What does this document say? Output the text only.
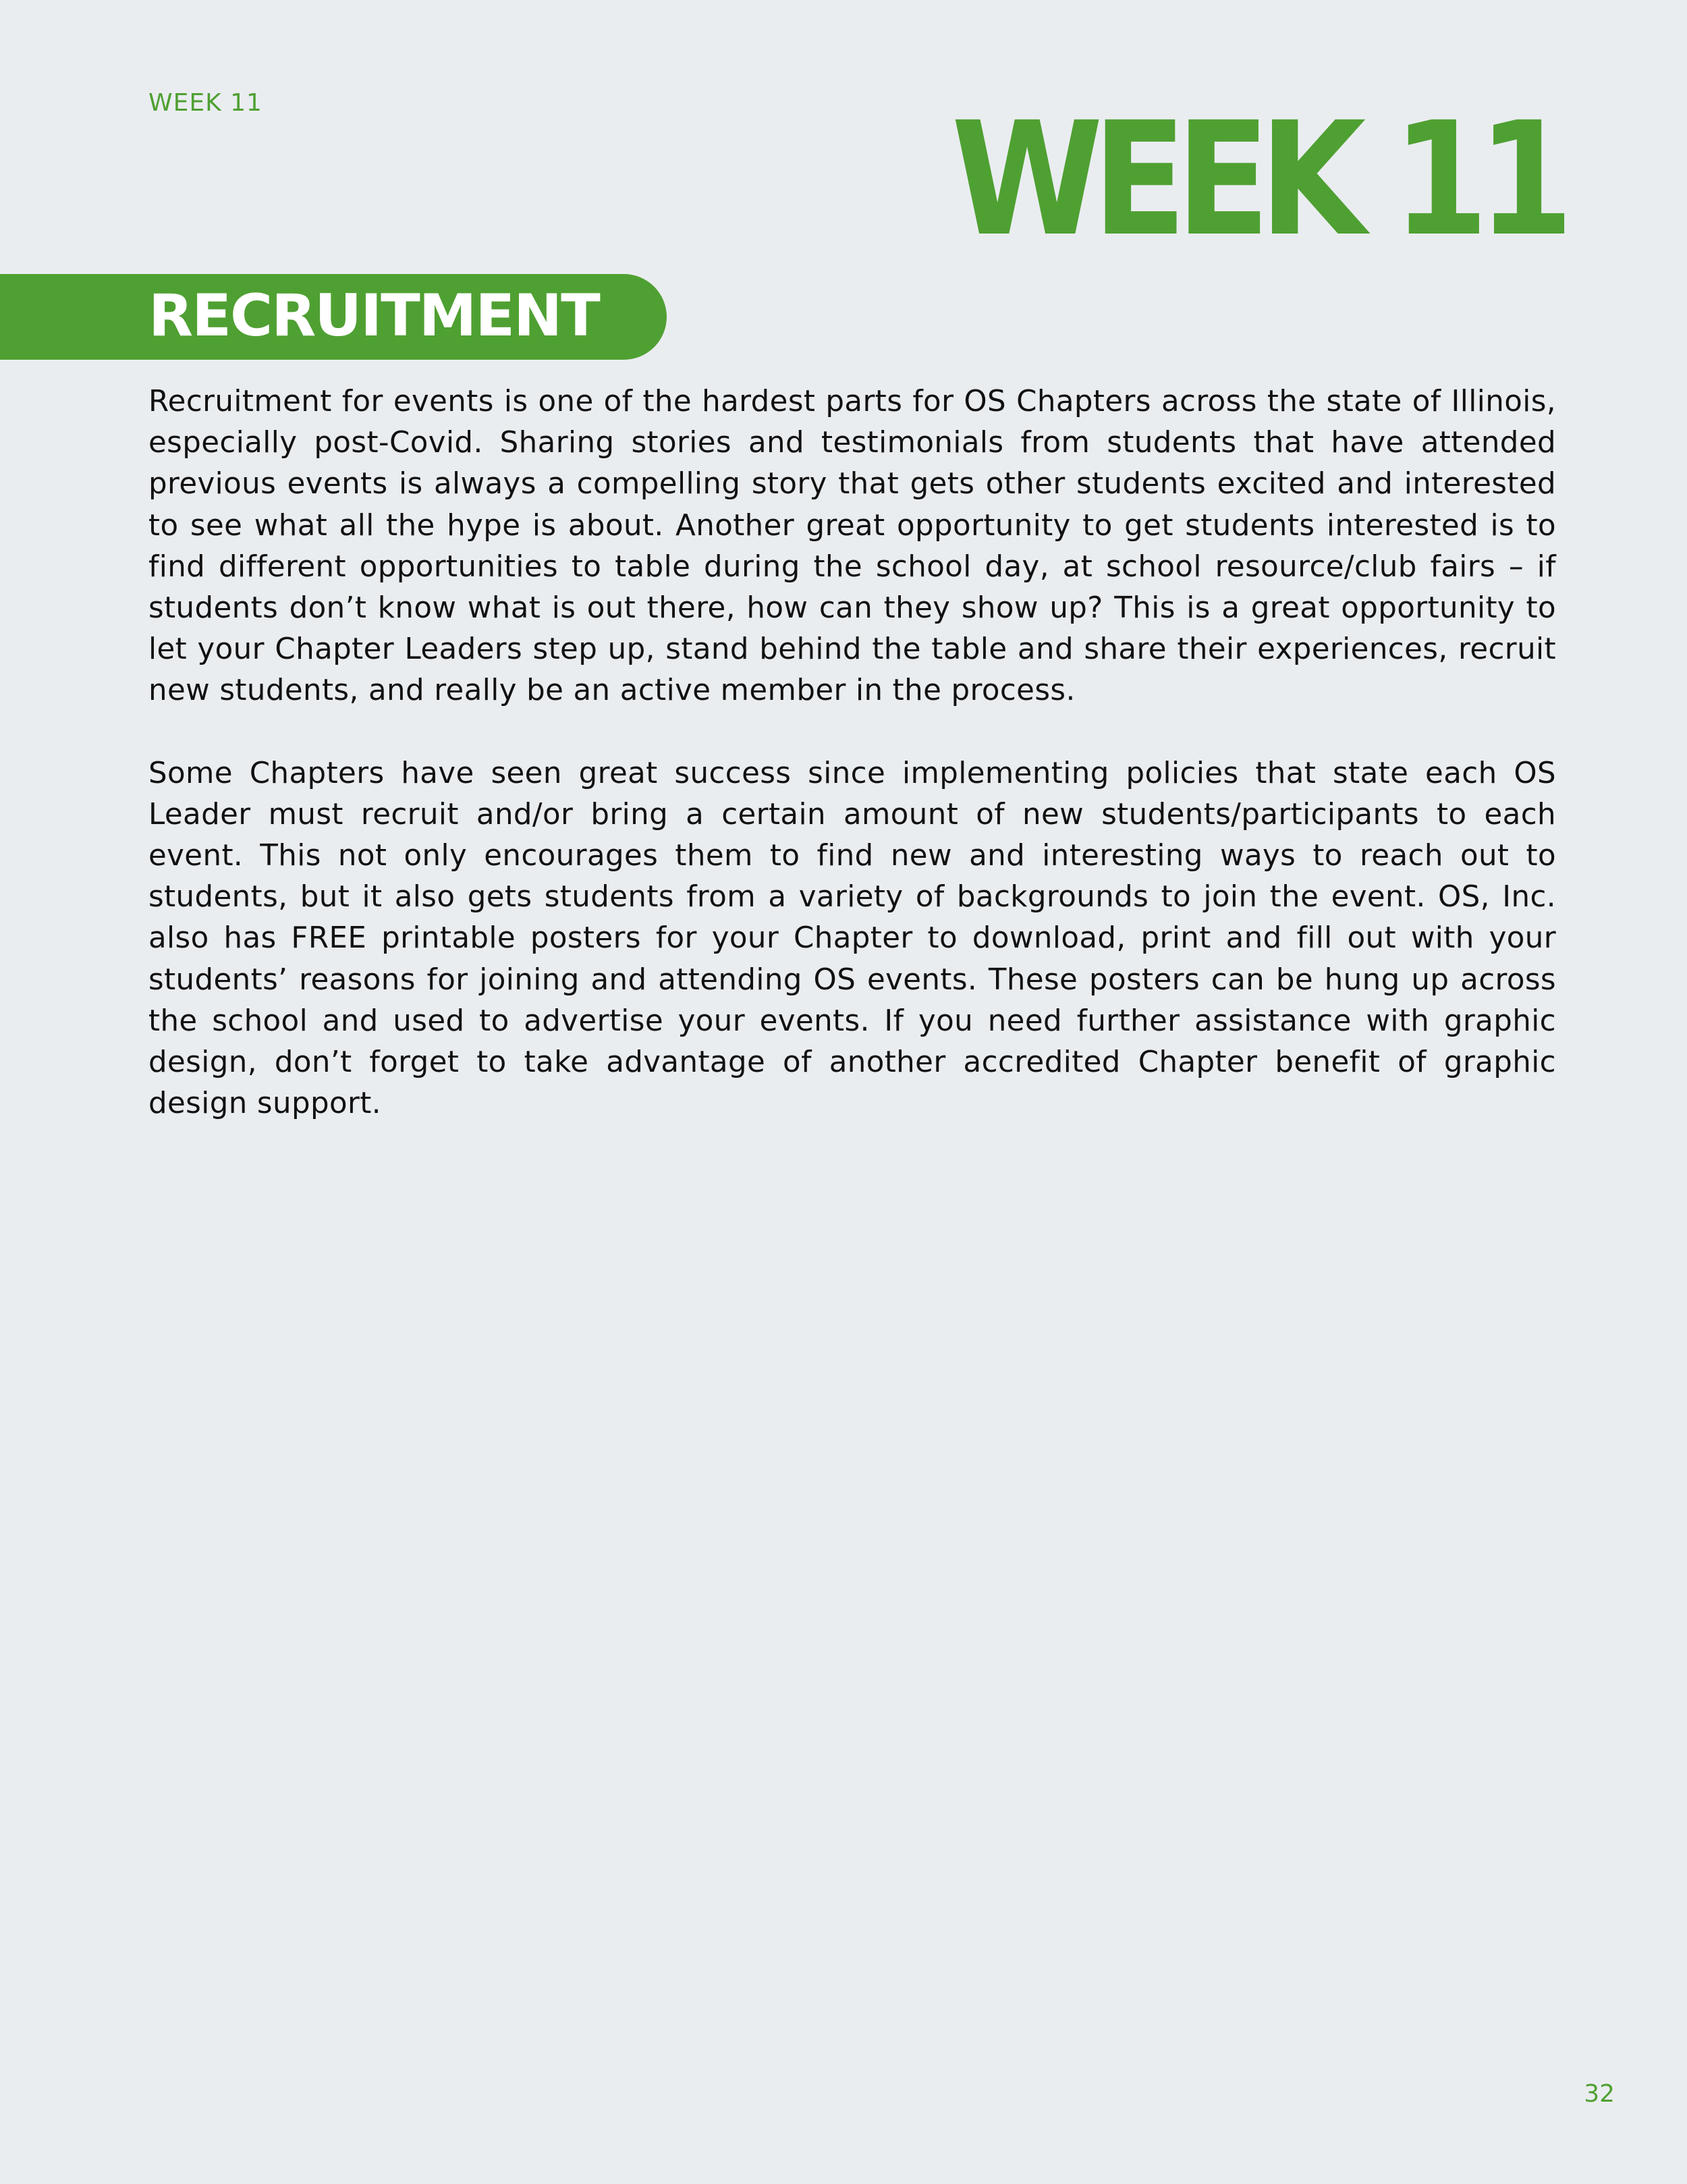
WEEK 11	WEEK 11
RECRUITMENT

Recruitment for events is one of the hardest parts for OS Chapters across the state of Illinois, especially post-Covid. Sharing stories and testimonials from students that have attended previous events is always a compelling story that gets other students excited and interested to see what all the hype is about. Another great opportunity to get students interested is to find different opportunities to table during the school day, at school resource/club fairs – if students don’t know what is out there, how can they show up? This is a great opportunity to let your Chapter Leaders step up, stand behind the table and share their experiences, recruit new students, and really be an active member in the process.

Some Chapters have seen great success since implementing policies that state each OS Leader must recruit and/or bring a certain amount of new students/participants to each event. This not only encourages them to find new and interesting ways to reach out to students, but it also gets students from a variety of backgrounds to join the event. OS, Inc. also has FREE printable posters for your Chapter to download, print and fill out with your students’ reasons for joining and attending OS events. These posters can be hung up across the school and used to advertise your events. If you need further assistance with graphic design, don’t forget to take advantage of another accredited Chapter benefit of graphic design support.

32
